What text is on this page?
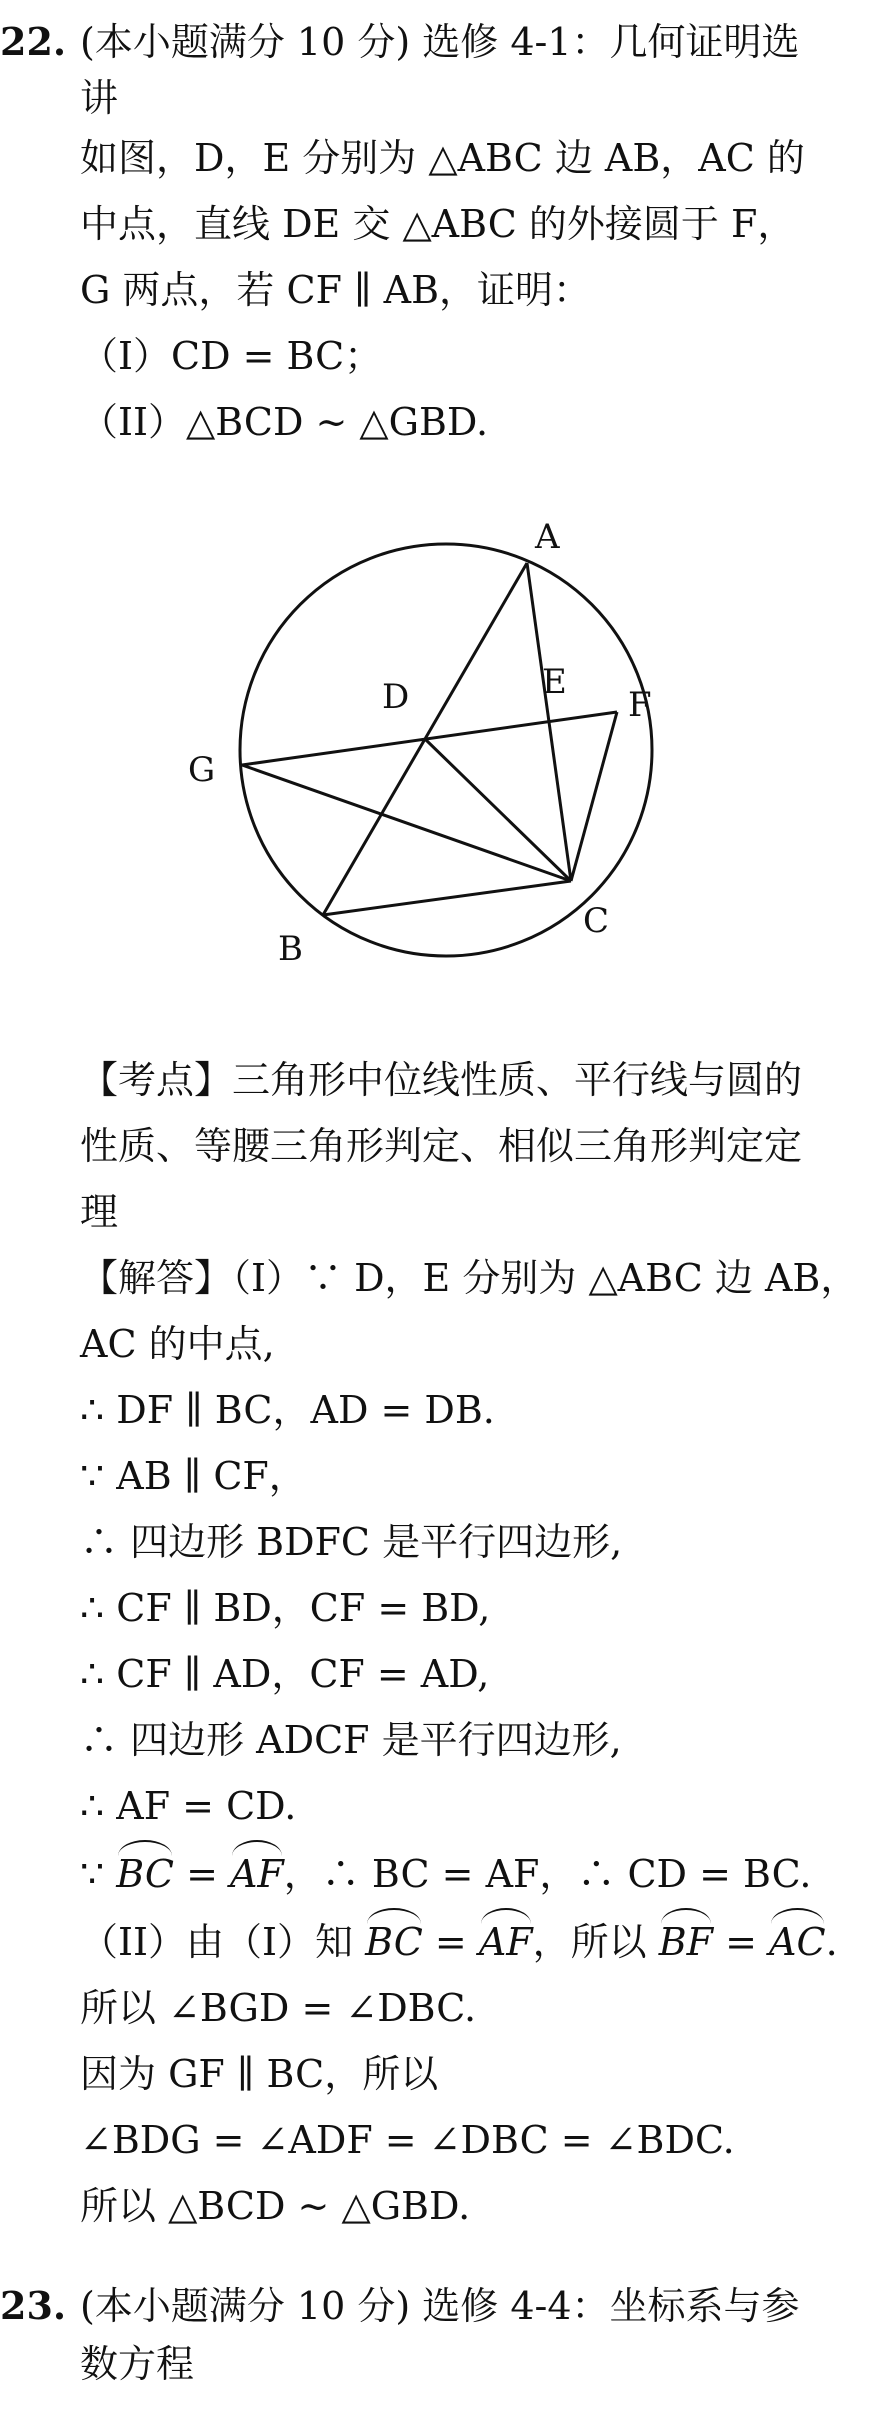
22. (本小题满分 10 分) 选修 4-1：几何证明选
讲
如图，D，E 分别为 △ABC 边 AB，AC 的
中点，直线 DE 交 △ABC 的外接圆于 F，
G 两点，若 CF ∥ AB，证明：
（I）CD = BC；
（II）△BCD ∼ △GBD.
A
B
C
D	E
F
G
【考点】三角形中位线性质、平行线与圆的
性质、等腰三角形判定、相似三角形判定定
理
【解答】（I）∵ D，E 分别为 △ABC 边 AB，
AC 的中点,
∴ DF ∥ BC，AD = DB.
∵ AB ∥ CF，
∴ 四边形 BDFC 是平行四边形,
∴ CF ∥ BD，CF = BD,
∴ CF ∥ AD，CF = AD,
∴ 四边形 ADCF 是平行四边形,
∴ AF = CD.
∵ BC = AF，∴ BC = AF，∴ CD = BC.
（II）由（I）知 BC = AF，所以 BF = AC.
所以 ∠BGD = ∠DBC.
因为 GF ∥ BC，所以
∠BDG = ∠ADF = ∠DBC = ∠BDC.
所以 △BCD ∼ △GBD.
23. (本小题满分 10 分) 选修 4-4：坐标系与参
数方程
